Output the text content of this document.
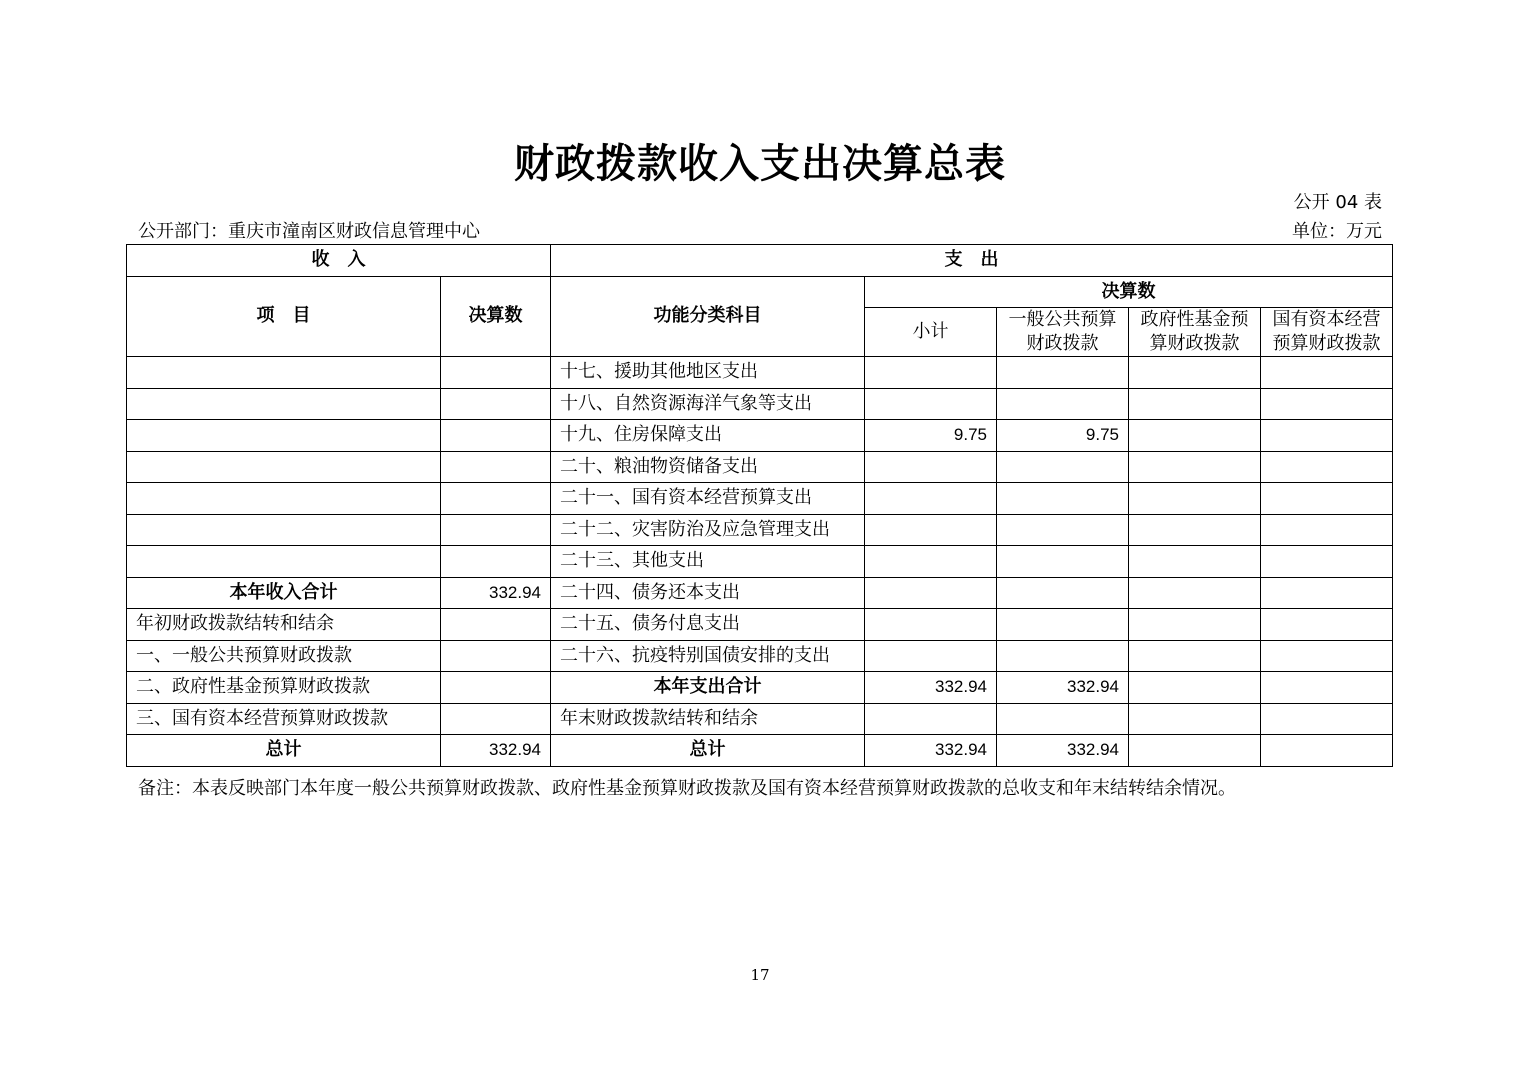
财政拨款收入支出决算总表
公开 04 表
公开部门：重庆市潼南区财政信息管理中心	单位：万元
收　入		支　出				
项　目	决算数	功能分类科目	决算数			
			小计	一般公共预算财政拨款	政府性基金预算财政拨款	国有资本经营预算财政拨款
		十七、援助其他地区支出				
		十八、自然资源海洋气象等支出				
		十九、住房保障支出	9.75	9.75		
		二十、粮油物资储备支出				
		二十一、国有资本经营预算支出				
		二十二、灾害防治及应急管理支出				
		二十三、其他支出				
本年收入合计	332.94	二十四、债务还本支出				
年初财政拨款结转和结余		二十五、债务付息支出				
一、一般公共预算财政拨款		二十六、抗疫特别国债安排的支出				
二、政府性基金预算财政拨款		本年支出合计	332.94	332.94		
三、国有资本经营预算财政拨款		年末财政拨款结转和结余				
总计	332.94	总计	332.94	332.94		
备注：本表反映部门本年度一般公共预算财政拨款、政府性基金预算财政拨款及国有资本经营预算财政拨款的总收支和年末结转结余情况。
17
